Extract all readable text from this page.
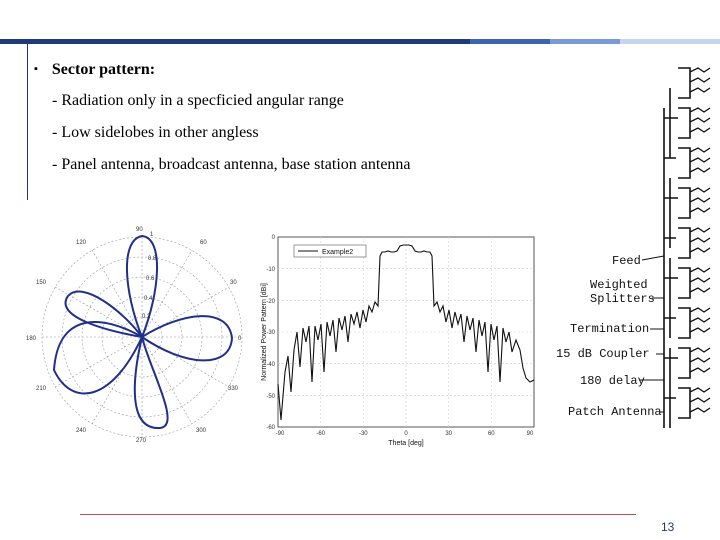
▪ Sector pattern:
- Radiation only in a specficied angular range
- Low sidelobes in other angless
- Panel antenna, broadcast antenna, base station antenna
90
120	60
150	30
180	0
210	330
240	300
270
1
0.8
0.6
0.4
0.2
Example2
0
-10
-20
-30
-40
-50
-60
-90	-60	-30	0	30	60	90
Theta [deg]
Normalized Power Pattern [dBi]
Feed
Weighted
Splitters
Termination
15 dB Coupler
180 delay
Patch Antenna
13
